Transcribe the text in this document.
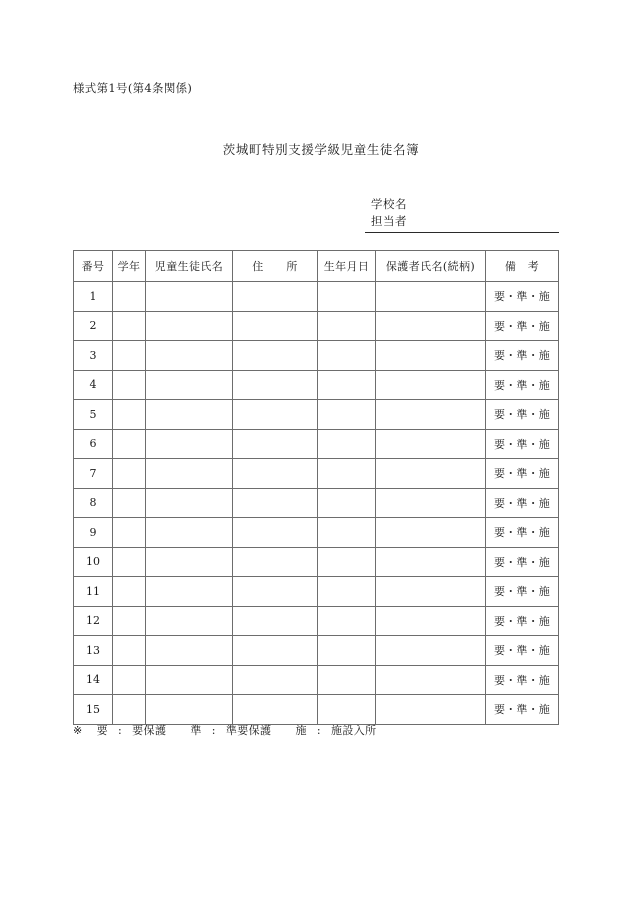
様式第1号(第4条関係)
茨城町特別支援学級児童生徒名簿
学校名
担当者
番号	学年	児童生徒氏名	住　　所	生年月日	保護者氏名(続柄)	備　考
1						要・準・施
2						要・準・施
3						要・準・施
4						要・準・施
5						要・準・施
6						要・準・施
7						要・準・施
8						要・準・施
9						要・準・施
10						要・準・施
11						要・準・施
12						要・準・施
13						要・準・施
14						要・準・施
15						要・準・施
※ 要 : 要保護 準 : 準要保護 施 : 施設入所
